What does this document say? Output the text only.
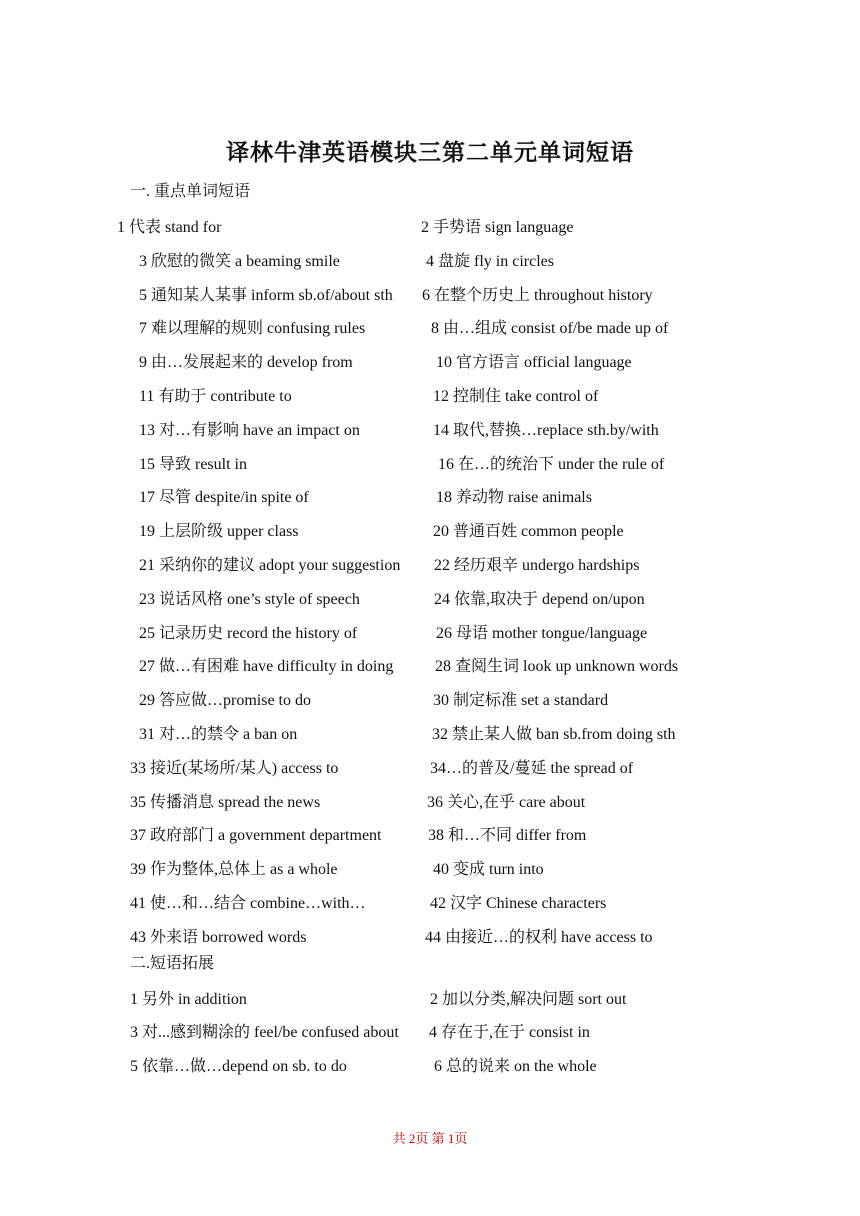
译林牛津英语模块三第二单元单词短语
一. 重点单词短语
1 代表 stand for	2 手势语 sign language
3 欣慰的微笑 a beaming smile	4 盘旋 fly in circles
5 通知某人某事 inform sb.of/about sth 6 在整个历史上 throughout history
7 难以理解的规则 confusing rules	8 由…组成 consist of/be made up of
9 由…发展起来的 develop from	10 官方语言 official language
11 有助于 contribute to	12 控制住 take control of
13 对…有影响 have an impact on	14 取代,替换…replace sth.by/with
15 导致 result in	16 在…的统治下 under the rule of
17 尽管 despite/in spite of	18 养动物 raise animals
19 上层阶级 upper class	20 普通百姓 common people
21 采纳你的建议 adopt your suggestion 22 经历艰辛 undergo hardships
23 说话风格 one’s style of speech	24 依靠,取决于 depend on/upon
25 记录历史 record the history of	26 母语 mother tongue/language
27 做…有困难 have difficulty in doing	28 查阅生词 look up unknown words
29 答应做…promise to do	30 制定标准 set a standard
31 对…的禁令 a ban on	32 禁止某人做 ban sb.from doing sth
33 接近(某场所/某人) access to	34…的普及/蔓延 the spread of
35 传播消息 spread the news	36 关心,在乎 care about
37 政府部门 a government department	38 和…不同 differ from
39 作为整体,总体上 as a whole	40 变成 turn into
41 使…和…结合 combine…with…	42 汉字 Chinese characters
43 外来语 borrowed words	44 由接近…的权利 have access to
二.短语拓展
1 另外 in addition	2 加以分类,解决问题 sort out
3 对...感到糊涂的 feel/be confused about 4 存在于,在于 consist in
5 依靠…做…depend on sb. to do	6 总的说来 on the whole
共 2页 第 1页
